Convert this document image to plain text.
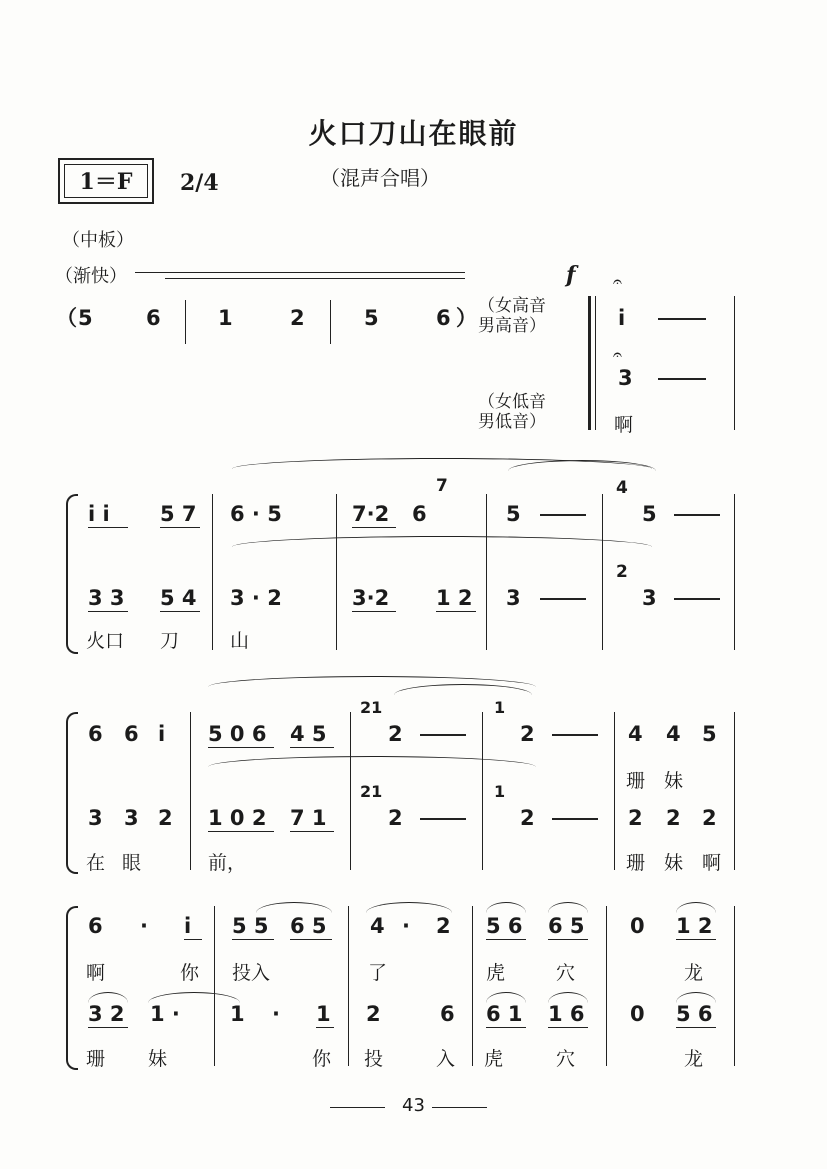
火口刀山在眼前
（混声合唱）
1＝F	2/4
（中板）
（渐快）
（ 5	6	1	2	5	6 ） （女高音
男高音）
（女低音
男低音）
f 𝄐
i
𝄐
3
啊
i i 5 7 6 · 5	7·2 6
7
5
4
5
3 3 5 4 3 · 2	3·2 1 2 3
2
3
火口 刀	山
6 6 i 5 0 6 4 5
21
2
1
2	4 4 5
珊 妹
3 3 2 1 0 2 7 1
21
2
1
2	2 2 2
在 眼	前，	珊 妹 啊
6 · i 5 5 6 5 4 · 2 5 6 6 5 0 1 2
啊	你 投入	了	虎	穴	龙
3 2 1 · 1 · 1 2	6 6 1 1 6 0 5 6
珊 妹	你 投	入 虎	穴	龙
43
